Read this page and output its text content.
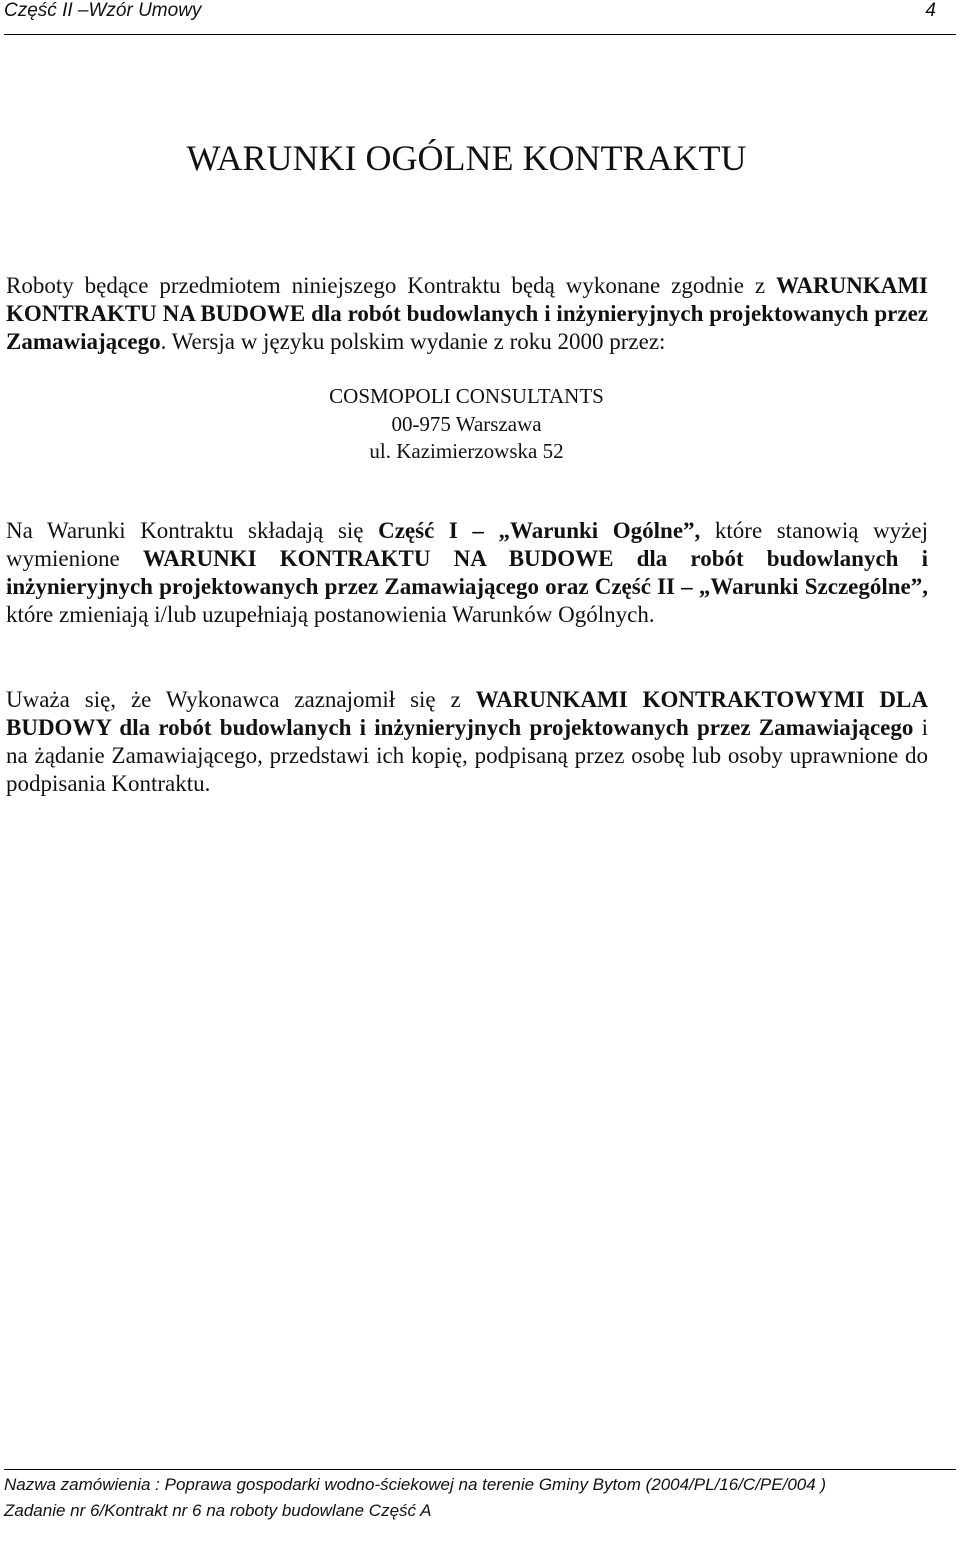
Część II –Wzór Umowy	4
WARUNKI OGÓLNE KONTRAKTU

Roboty będące przedmiotem niniejszego Kontraktu będą wykonane zgodnie z WARUNKAMI KONTRAKTU NA BUDOWE dla robót budowlanych i inżynieryjnych projektowanych przez Zamawiającego. Wersja w języku polskim wydanie z roku 2000 przez:

COSMOPOLI CONSULTANTS
00-975 Warszawa
ul. Kazimierzowska 52

Na Warunki Kontraktu składają się Część I – „Warunki Ogólne”, które stanowią wyżej wymienione WARUNKI KONTRAKTU NA BUDOWE dla robót budowlanych i inżynieryjnych projektowanych przez Zamawiającego oraz Część II – „Warunki Szczególne”, które zmieniają i/lub uzupełniają postanowienia Warunków Ogólnych.

Uważa się, że Wykonawca zaznajomił się z WARUNKAMI KONTRAKTOWYMI DLA BUDOWY dla robót budowlanych i inżynieryjnych projektowanych przez Zamawiającego i na żądanie Zamawiającego, przedstawi ich kopię, podpisaną przez osobę lub osoby uprawnione do podpisania Kontraktu.

Nazwa zamówienia : Poprawa gospodarki wodno-ściekowej na terenie Gminy Bytom (2004/PL/16/C/PE/004 )
Zadanie nr 6/Kontrakt nr 6 na roboty budowlane Część A
